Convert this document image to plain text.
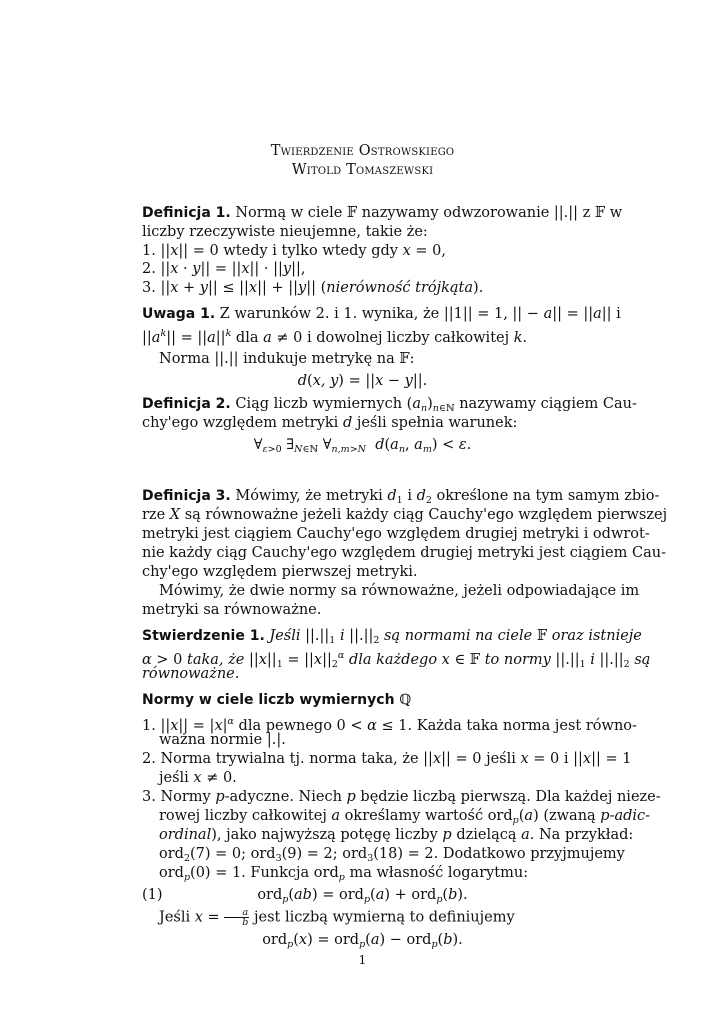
Twierdzenie Ostrowskiego
Witold Tomaszewski
Definicja 1. Normą w ciele 𝔽 nazywamy odwzorowanie ||.|| z 𝔽 w
liczby rzeczywiste nieujemne, takie że:
1. ||x|| = 0 wtedy i tylko wtedy gdy x = 0,
2. ||x · y|| = ||x|| · ||y||,
3. ||x + y|| ≤ ||x|| + ||y|| (nierówność trójkąta).
Uwaga 1. Z warunków 2. i 1. wynika, że ||1|| = 1, || − a|| = ||a|| i
$||a^k|| = ||a||^k$ dla a ≠ 0 i dowolnej liczby całkowitej k.
Norma ||.|| indukuje metrykę na 𝔽:
d(x, y) = ||x − y||.
Definicja 2. Ciąg liczb wymiernych $(a_n)_{n\in ℕ}$ nazywamy ciągiem Cau-
chy'ego względem metryki d jeśli spełnia warunek:
$\forall_{\varepsilon>0}$ $\exists_{N\in ℕ}$ $\forall_{n,m>N}$ $d(a_n$, $a_m) < \varepsilon$.
Definicja 3. Mówimy, że metryki $d_1$ i $d_2$ określone na tym samym zbio-
rze X są równoważne jeżeli każdy ciąg Cauchy'ego względem pierwszej
metryki jest ciągiem Cauchy'ego względem drugiej metryki i odwrot-
nie każdy ciąg Cauchy'ego względem drugiej metryki jest ciągiem Cau-
chy'ego względem pierwszej metryki.
Mówimy, że dwie normy sa równoważne, jeżeli odpowiadające im
metryki sa równoważne.
Stwierdzenie 1. Jeśli $||.||_1$ i $||.||_2$ są normami na ciele 𝔽 oraz istnieje
α > 0 taka, że $||x||_1 = ||x||_2^\alpha$ dla każdego x ∈ 𝔽 to normy $||.||_1$ i $||.||_2$ są
równoważne.
Normy w ciele liczb wymiernych ℚ
1. $||x|| = |x|^\alpha$ dla pewnego 0 < α ≤ 1. Każda taka norma jest równo-
ważna normie |.|.
2. Norma trywialna tj. norma taka, że ||x|| = 0 jeśli x = 0 i ||x|| = 1
jeśli x ≠ 0.
3. Normy p-adyczne. Niech p będzie liczbą pierwszą. Dla każdej nieze-
rowej liczby całkowitej a określamy wartość ord$_p$(a) (zwaną p-adic-
ordinal), jako najwyższą potęgę liczby p dzielącą a. Na przykład:
ord$_2$(7) = 0; ord$_3$(9) = 2; ord$_3$(18) = 2. Dodatkowo przyjmujemy
ord$_p$(0) = 1. Funkcja ord$_p$ ma własność logarytmu:
(1)	ord$_p$(ab) = ord$_p$(a) + ord$_p$(b).
Jeśli $x = \frac{a}{b}$ jest liczbą wymierną to definiujemy
ord$_p$(x) = ord$_p$(a) − ord$_p$(b).
1
